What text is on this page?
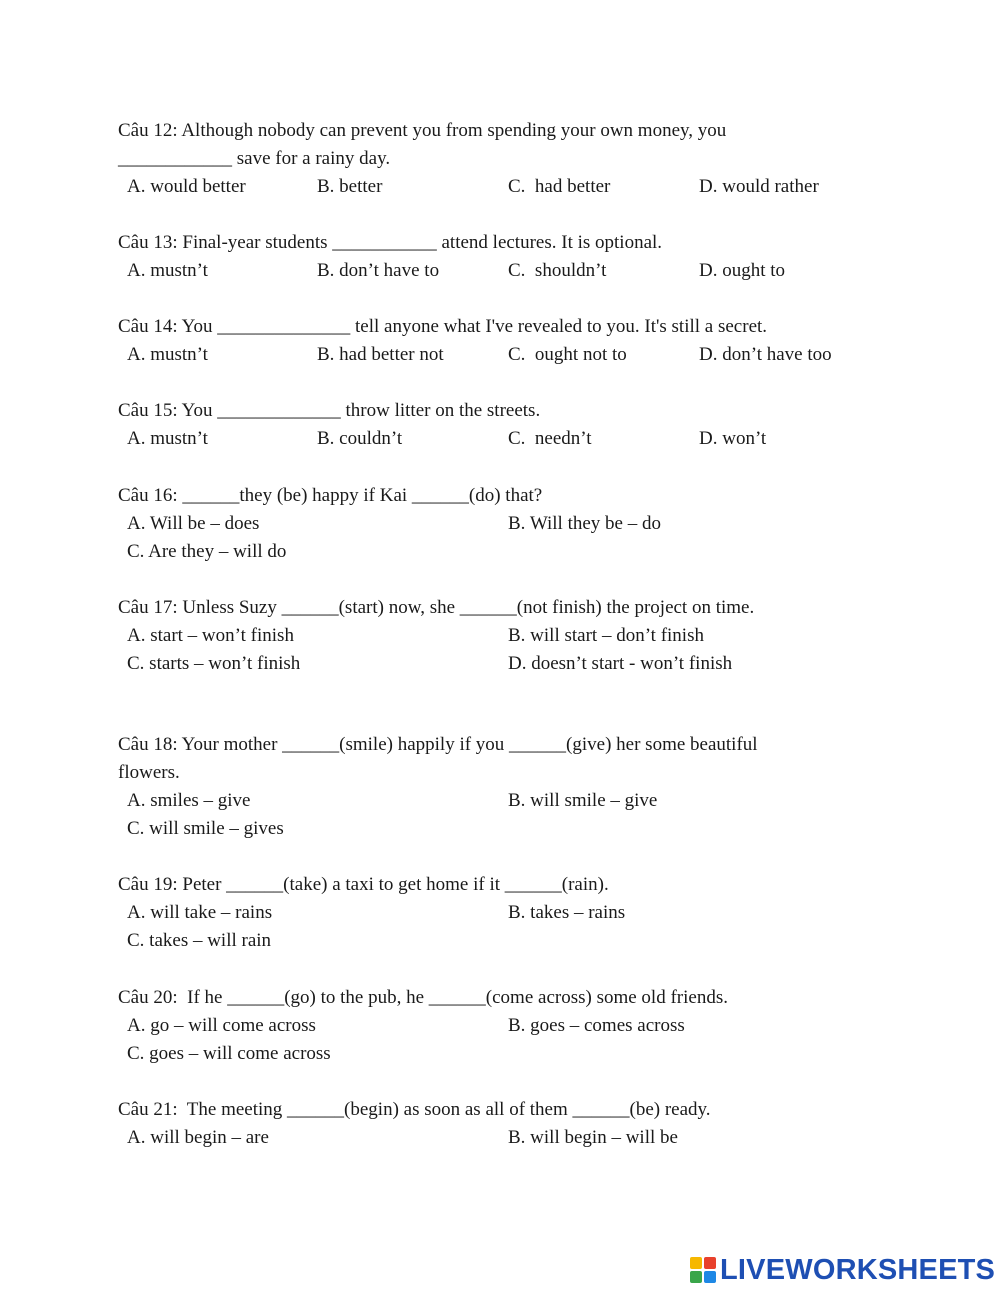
Câu 12: Although nobody can prevent you from spending your own money, you
____________ save for a rainy day.
A. would better	B. better	C.  had better	D. would rather
Câu 13: Final-year students ___________ attend lectures. It is optional.
A. mustn’t	B. don’t have to	C.  shouldn’t	D. ought to
Câu 14: You ______________ tell anyone what I've revealed to you. It's still a secret.
A. mustn’t	B. had better not	C.  ought not to	D. don’t have too
Câu 15: You _____________ throw litter on the streets.
A. mustn’t	B. couldn’t	C.  needn’t	D. won’t
Câu 16: ______they (be) happy if Kai ______(do) that?
A. Will be – does	B. Will they be – do
C. Are they – will do
Câu 17: Unless Suzy ______(start) now, she ______(not finish) the project on time.
A. start – won’t finish	B. will start – don’t finish
C. starts – won’t finish	D. doesn’t start - won’t finish
Câu 18: Your mother ______(smile) happily if you ______(give) her some beautiful
flowers.
A. smiles – give	B. will smile – give
C. will smile – gives
Câu 19: Peter ______(take) a taxi to get home if it ______(rain).
A. will take – rains	B. takes – rains
C. takes – will rain
Câu 20:  If he ______(go) to the pub, he ______(come across) some old friends.
A. go – will come across	B. goes – comes across
C. goes – will come across
Câu 21:  The meeting ______(begin) as soon as all of them ______(be) ready.
A. will begin – are	B. will begin – will be
LIVEWORKSHEETS
